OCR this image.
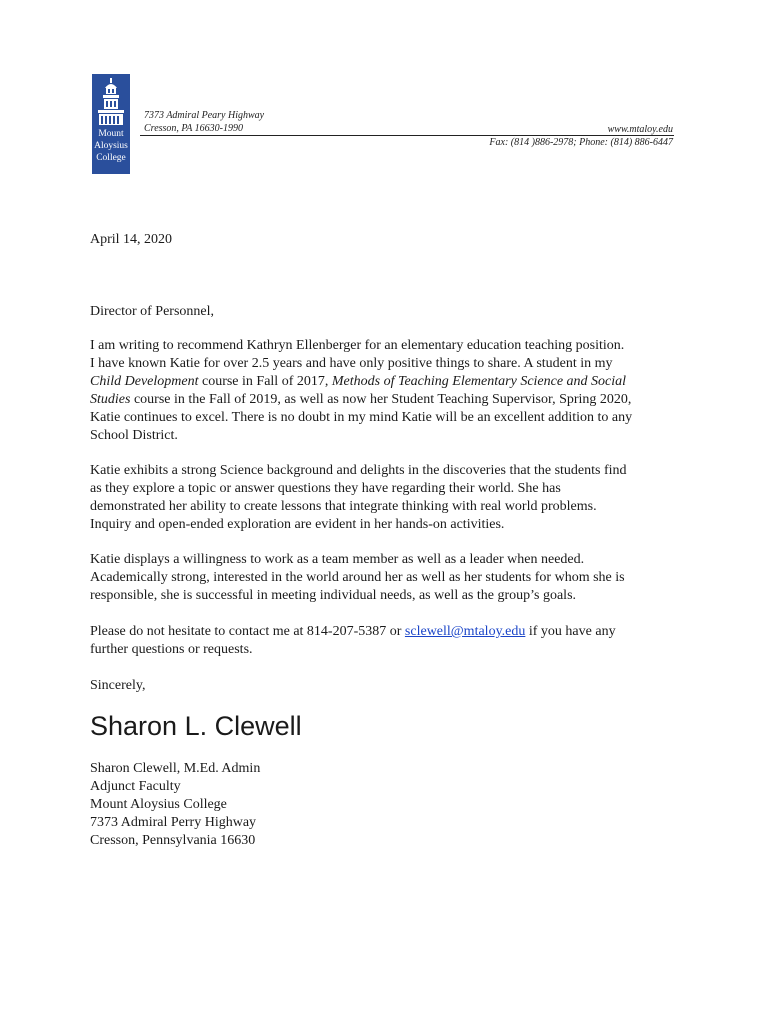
Mount
Aloysius
College
7373 Admiral Peary Highway
Cresson, PA 16630-1990	www.mtaloy.edu
Fax: (814 )886-2978; Phone: (814) 886-6447
April 14, 2020
Director of Personnel,
I am writing to recommend Kathryn Ellenberger for an elementary education teaching position.
I have known Katie for over 2.5 years and have only positive things to share. A student in my
Child Development course in Fall of 2017, Methods of Teaching Elementary Science and Social
Studies course in the Fall of 2019, as well as now her Student Teaching Supervisor, Spring 2020,
Katie continues to excel. There is no doubt in my mind Katie will be an excellent addition to any
School District.
Katie exhibits a strong Science background and delights in the discoveries that the students find
as they explore a topic or answer questions they have regarding their world. She has
demonstrated her ability to create lessons that integrate thinking with real world problems.
Inquiry and open-ended exploration are evident in her hands-on activities.
Katie displays a willingness to work as a team member as well as a leader when needed.
Academically strong, interested in the world around her as well as her students for whom she is
responsible, she is successful in meeting individual needs, as well as the group’s goals.
Please do not hesitate to contact me at 814-207-5387 or sclewell@mtaloy.edu if you have any
further questions or requests.
Sincerely,
Sharon L. Clewell
Sharon Clewell, M.Ed. Admin
Adjunct Faculty
Mount Aloysius College
7373 Admiral Perry Highway
Cresson, Pennsylvania 16630
